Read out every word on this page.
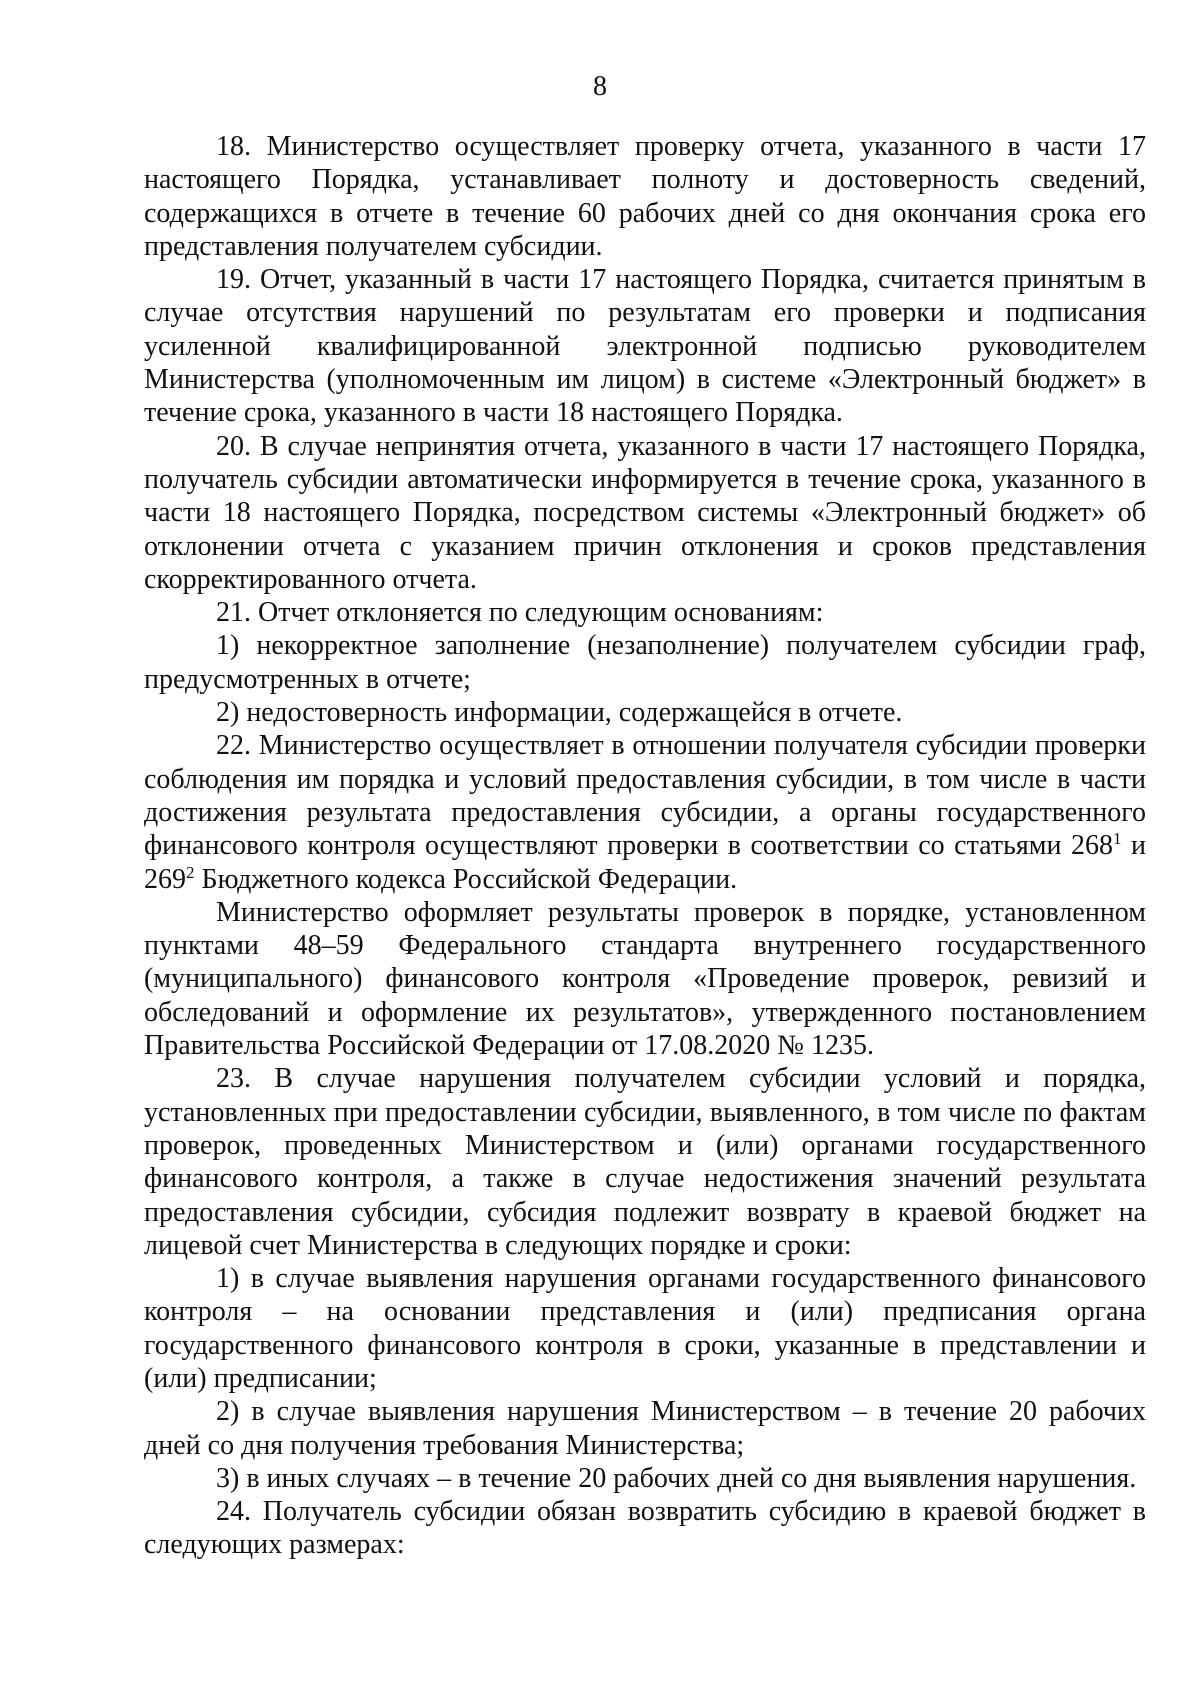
8

18. Министерство осуществляет проверку отчета, указанного в части 17 настоящего Порядка, устанавливает полноту и достоверность сведений, содержащихся в отчете в течение 60 рабочих дней со дня окончания срока его представления получателем субсидии.

19. Отчет, указанный в части 17 настоящего Порядка, считается принятым в случае отсутствия нарушений по результатам его проверки и подписания усиленной квалифицированной электронной подписью руководителем Министерства (уполномоченным им лицом) в системе «Электронный бюджет» в течение срока, указанного в части 18 настоящего Порядка.

20. В случае непринятия отчета, указанного в части 17 настоящего Порядка, получатель субсидии автоматически информируется в течение срока, указанного в части 18 настоящего Порядка, посредством системы «Электронный бюджет» об отклонении отчета с указанием причин отклонения и сроков представления скорректированного отчета.

21. Отчет отклоняется по следующим основаниям:

1) некорректное заполнение (незаполнение) получателем субсидии граф, предусмотренных в отчете;

2) недостоверность информации, содержащейся в отчете.

22. Министерство осуществляет в отношении получателя субсидии проверки соблюдения им порядка и условий предоставления субсидии, в том числе в части достижения результата предоставления субсидии, а органы государственного финансового контроля осуществляют проверки в соответствии со статьями $268^1$ и $269^2$ Бюджетного кодекса Российской Федерации.

Министерство оформляет результаты проверок в порядке, установленном пунктами 48–59 Федерального стандарта внутреннего государственного (муниципального) финансового контроля «Проведение проверок, ревизий и обследований и оформление их результатов», утвержденного постановлением Правительства Российской Федерации от 17.08.2020 № 1235.

23. В случае нарушения получателем субсидии условий и порядка, установленных при предоставлении субсидии, выявленного, в том числе по фактам проверок, проведенных Министерством и (или) органами государственного финансового контроля, а также в случае недостижения значений результата предоставления субсидии, субсидия подлежит возврату в краевой бюджет на лицевой счет Министерства в следующих порядке и сроки:

1) в случае выявления нарушения органами государственного финансового контроля – на основании представления и (или) предписания органа государственного финансового контроля в сроки, указанные в представлении и (или) предписании;

2) в случае выявления нарушения Министерством – в течение 20 рабочих дней со дня получения требования Министерства;

3) в иных случаях – в течение 20 рабочих дней со дня выявления нарушения.

24. Получатель субсидии обязан возвратить субсидию в краевой бюджет в следующих размерах:
